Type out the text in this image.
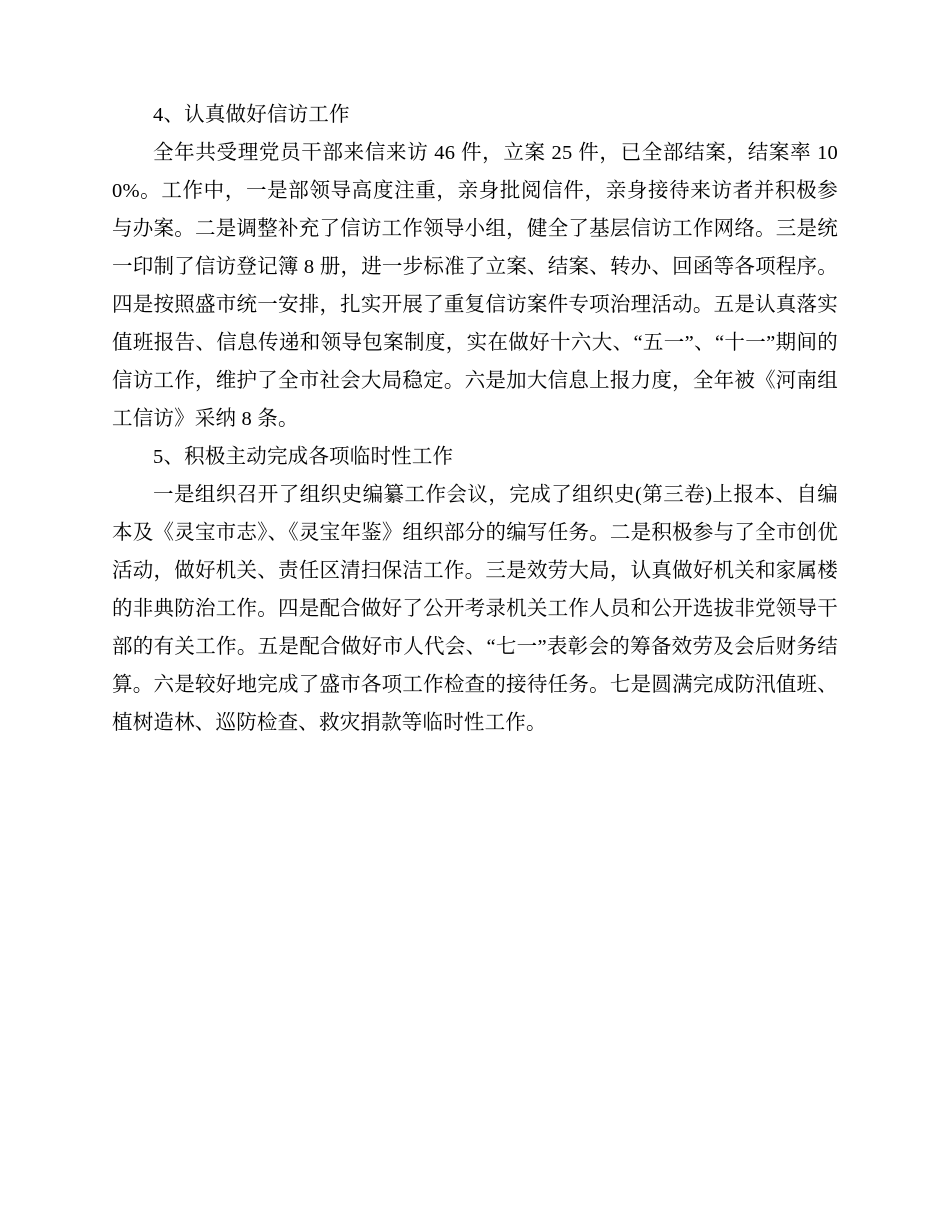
4、认真做好信访工作

全年共受理党员干部来信来访 46 件，立案 25 件，已全部结案，结案率 100%。工作中，一是部领导高度注重，亲身批阅信件，亲身接待来访者并积极参与办案。二是调整补充了信访工作领导小组，健全了基层信访工作网络。三是统一印制了信访登记簿 8 册，进一步标准了立案、结案、转办、回函等各项程序。四是按照盛市统一安排，扎实开展了重复信访案件专项治理活动。五是认真落实值班报告、信息传递和领导包案制度，实在做好十六大、“五一”、“十一”期间的信访工作，维护了全市社会大局稳定。六是加大信息上报力度，全年被《河南组工信访》采纳 8 条。

5、积极主动完成各项临时性工作

一是组织召开了组织史编纂工作会议，完成了组织史(第三卷)上报本、自编本及《灵宝市志》、《灵宝年鉴》组织部分的编写任务。二是积极参与了全市创优活动，做好机关、责任区清扫保洁工作。三是效劳大局，认真做好机关和家属楼的非典防治工作。四是配合做好了公开考录机关工作人员和公开选拔非党领导干部的有关工作。五是配合做好市人代会、“七一”表彰会的筹备效劳及会后财务结算。六是较好地完成了盛市各项工作检查的接待任务。七是圆满完成防汛值班、植树造林、巡防检查、救灾捐款等临时性工作。
